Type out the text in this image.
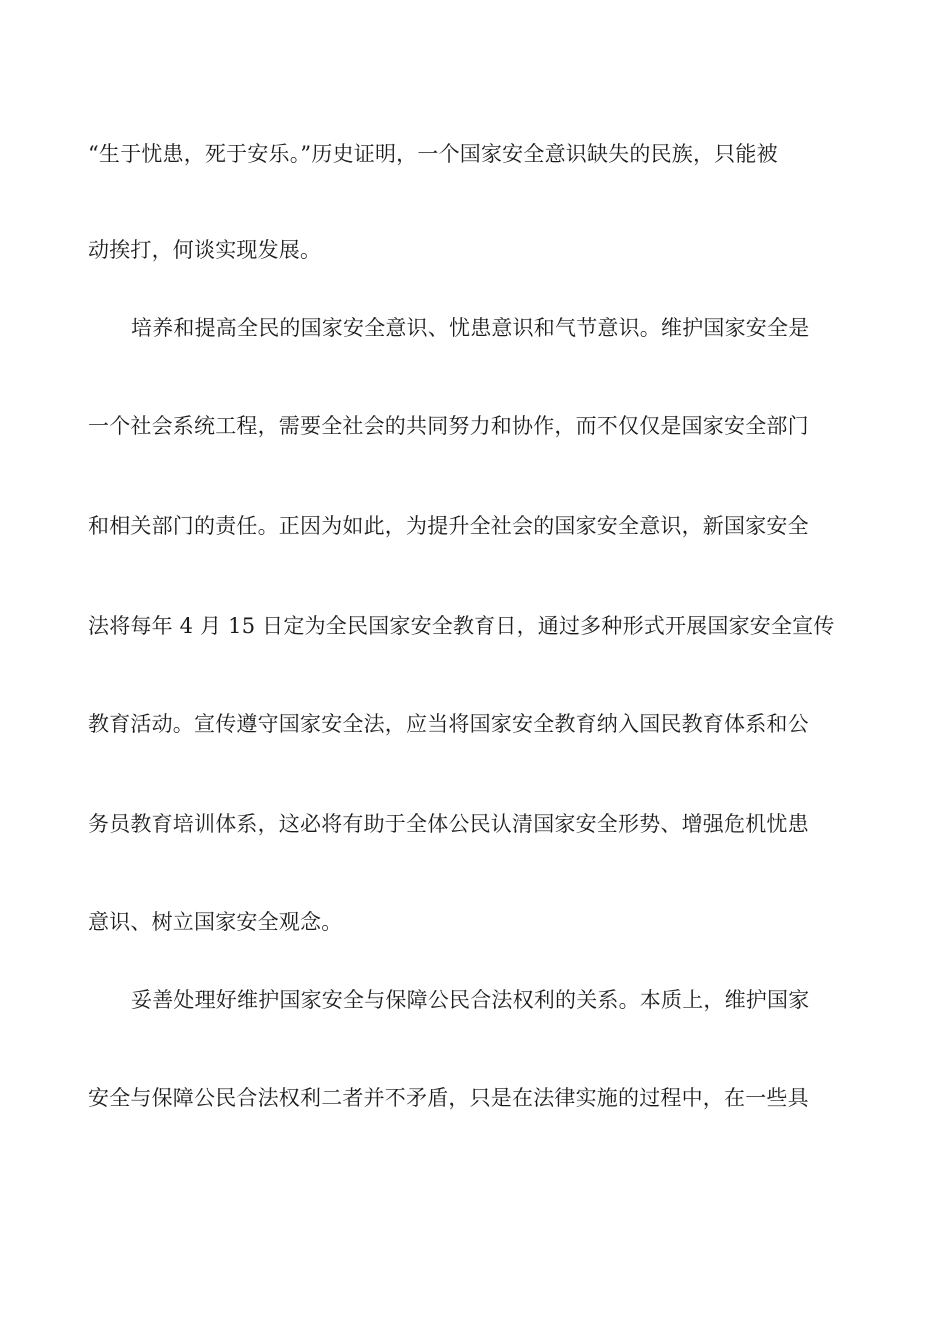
“生于忧患，死于安乐。”历史证明，一个国家安全意识缺失的民族，只能被
动挨打，何谈实现发展。
培养和提高全民的国家安全意识、忧患意识和气节意识。维护国家安全是
一个社会系统工程，需要全社会的共同努力和协作，而不仅仅是国家安全部门
和相关部门的责任。正因为如此，为提升全社会的国家安全意识，新国家安全
法将每年 4 月 15 日定为全民国家安全教育日，通过多种形式开展国家安全宣传
教育活动。宣传遵守国家安全法，应当将国家安全教育纳入国民教育体系和公
务员教育培训体系，这必将有助于全体公民认清国家安全形势、增强危机忧患
意识、树立国家安全观念。
妥善处理好维护国家安全与保障公民合法权利的关系。本质上，维护国家
安全与保障公民合法权利二者并不矛盾，只是在法律实施的过程中，在一些具
